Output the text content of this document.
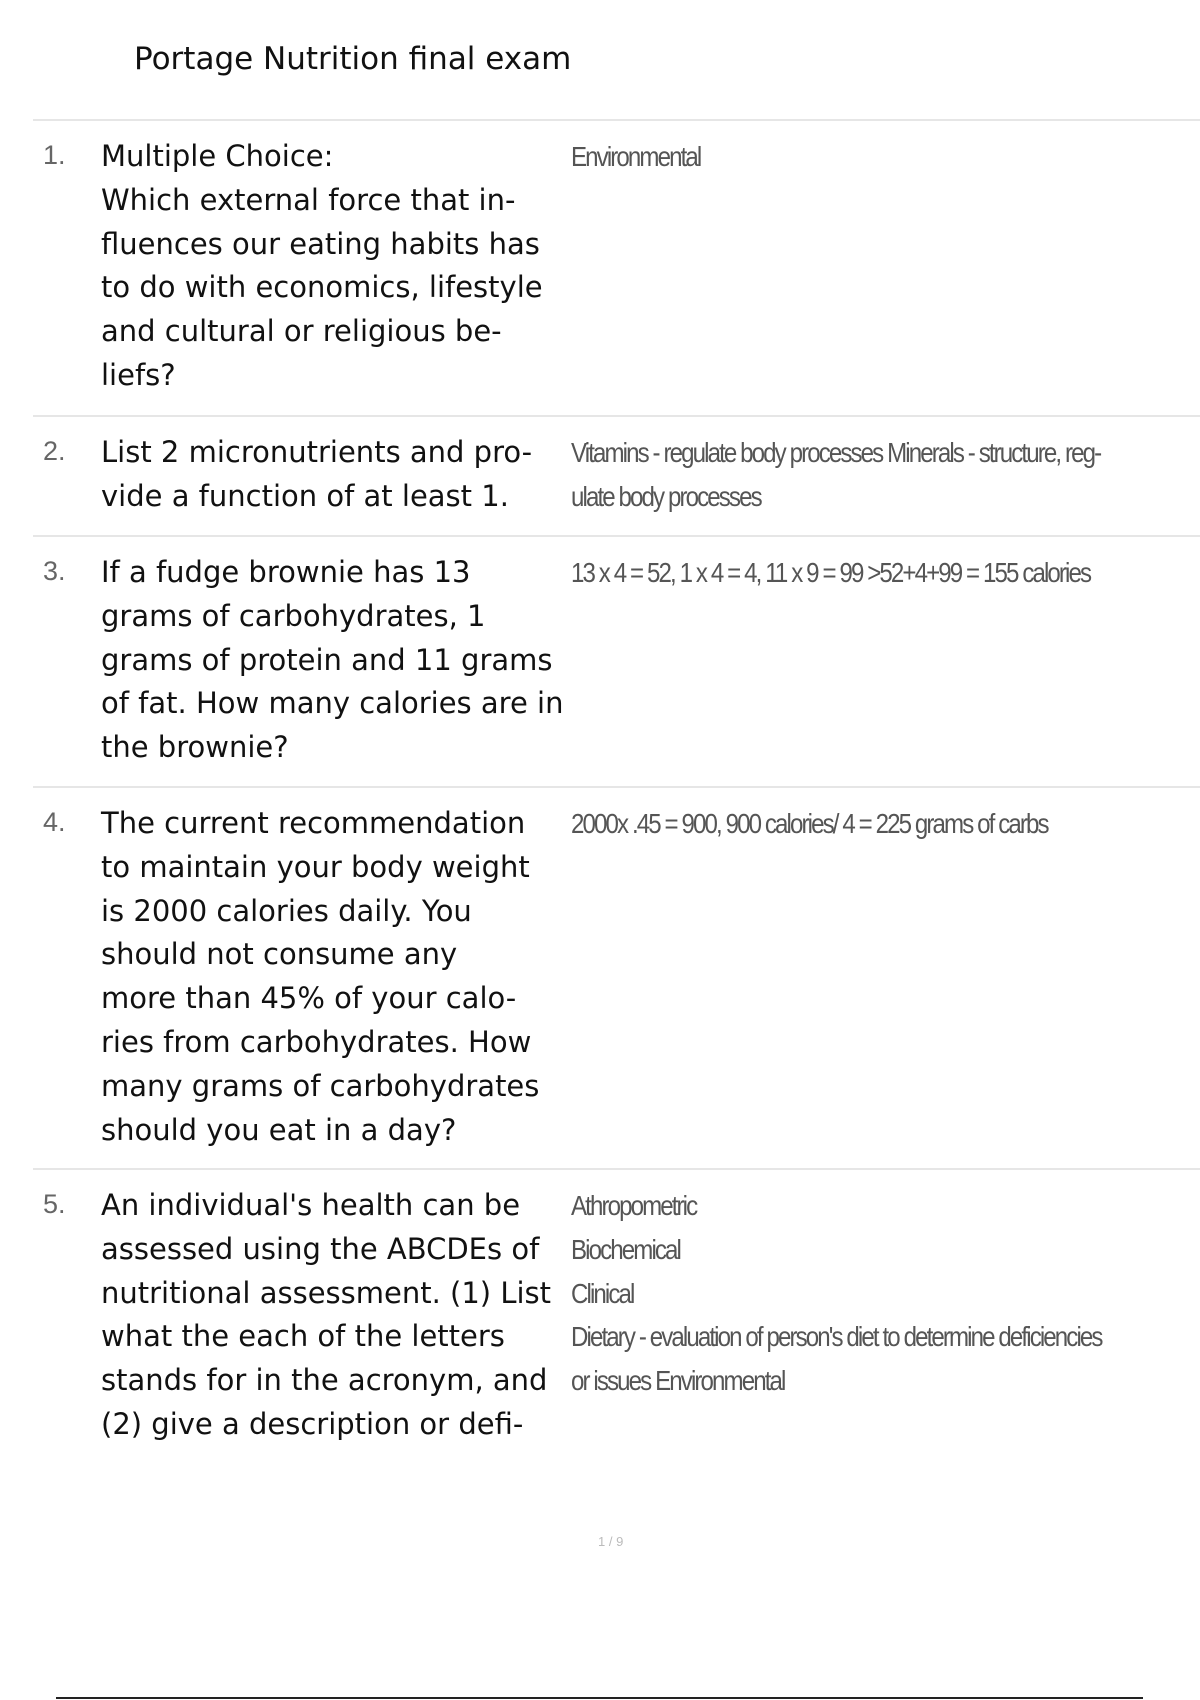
Portage Nutrition final exam
1. Multiple Choice:
Which external force that in-
fluences our eating habits has
to do with economics, lifestyle
and cultural or religious be-
liefs?
Environmental
2. List 2 micronutrients and pro-
vide a function of at least 1.
Vitamins - regulate body processes Minerals - structure, reg-
ulate body processes
3. If a fudge brownie has 13
grams of carbohydrates, 1
grams of protein and 11 grams
of fat. How many calories are in
the brownie?
13 x 4 = 52, 1 x 4 = 4, 11 x 9 = 99 >52+4+99 = 155 calories
4. The current recommendation
to maintain your body weight
is 2000 calories daily. You
should not consume any
more than 45% of your calo-
ries from carbohydrates. How
many grams of carbohydrates
should you eat in a day?
2000x .45 = 900, 900 calories/ 4 = 225 grams of carbs
5. An individual's health can be
assessed using the ABCDEs of
nutritional assessment. (1) List
what the each of the letters
stands for in the acronym, and
(2) give a description or defi-
Athropometric
Biochemical
Clinical
Dietary - evaluation of person's diet to determine deficiencies
or issues Environmental
1 / 9
